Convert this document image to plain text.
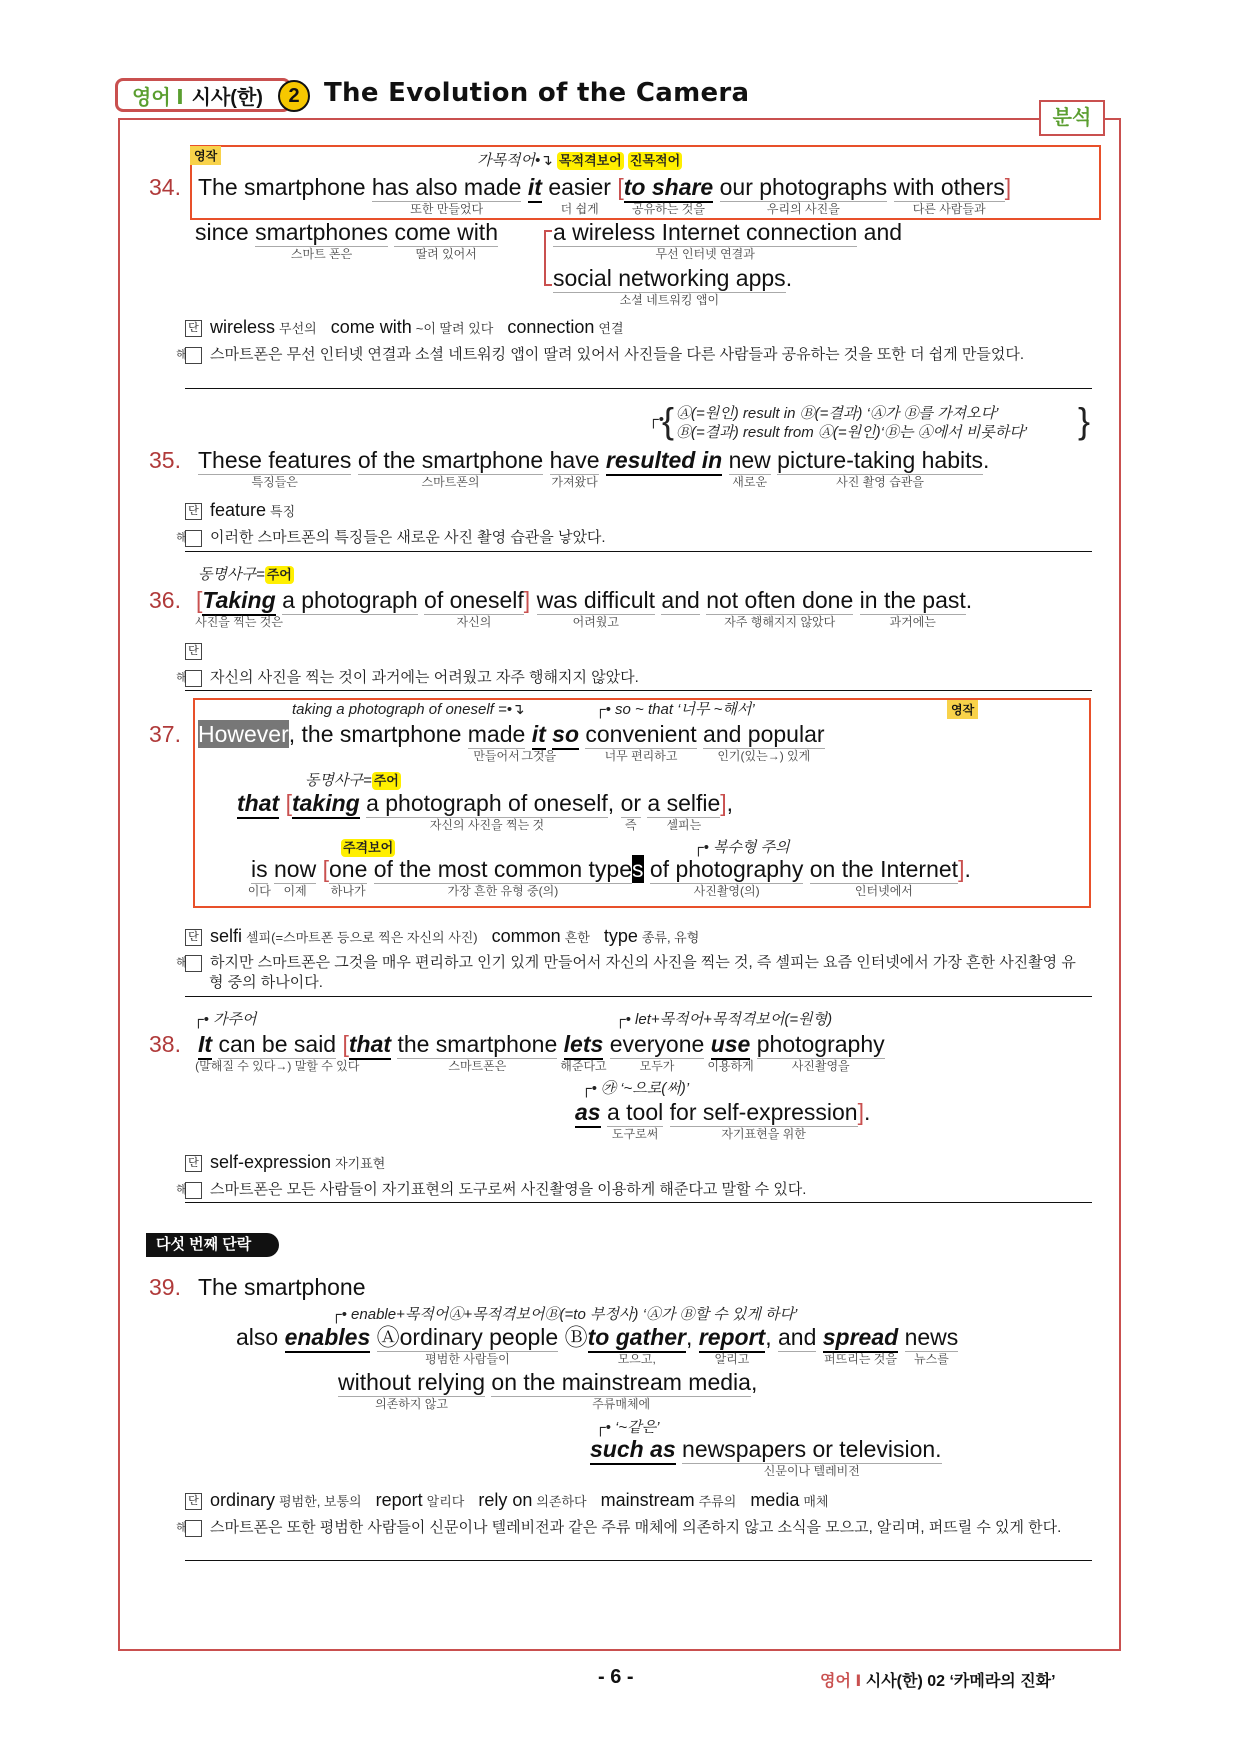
영어 Ⅰ 시사(한)	2 The Evolution of the Camera
분석
영작	가목적어•↴ 목적격보어 진목적어
34. The smartphone has also made
또한 만들었다
it easier
더 쉽게
[to share
공유하는 것을
our photographs
우리의 사진을
with others
다른 사람들과
]
since smartphones
스마트 폰은
come with
딸려 있어서
a wireless Internet connection
무선 인터넷 연결과
and
social networking apps
소셜 네트워킹 앱이
.
단 wireless 무선의 come with ~이 딸려 있다 connection 연결
해 스마트폰은 무선 인터넷 연결과 소셜 네트워킹 앱이 딸려 있어서 사진들을 다른 사람들과 공유하는 것을 또한 더 쉽게 만들었다.
┌•
{ Ⓐ(=원인) result in Ⓑ(=결과) ‘Ⓐ가 Ⓑ를 가져오다’
Ⓑ(=결과) result from Ⓐ(=원인)‘Ⓑ는 Ⓐ에서 비롯하다’ }
35. These features
특징들은
of the smartphone
스마트폰의
have
가져왔다
resulted in new
새로운
picture-taking habits
사진 촬영 습관을
.
단 feature 특징
해 이러한 스마트폰의 특징들은 새로운 사진 촬영 습관을 낳았다.
동명사구= 주어
36. [Taking
사진을 찍는 것은
a photograph of oneself
자신의
] was difficult
어려웠고
and not often done
자주 행해지지 않았다
in the past
과거에는
.
단
해 자신의 사진을 찍는 것이 과거에는 어려웠고 자주 행해지지 않았다.
영작
taking a photograph of oneself =•↴	┌• so ~ that ‘너무 ~해서’
37. However, the smartphone made
만들어서
it
그것을
so convenient
너무 편리하고
and popular
인기(있는→) 있게
동명사구= 주어
that [taking a photograph of oneself
자신의 사진을 찍는 것
, or
즉
a selfie
셀피는
],
주격보어	┌• 복수형 주의
is
이다
now
이제
[one
하나가
of the most common type
가장 흔한 유형 중(의)
s of photography
사진촬영(의)
on the Internet
인터넷에서
].
단 selfi 셀피(=스마트폰 등으로 찍은 자신의 사진) common 흔한 type 종류, 유형
해 하지만 스마트폰은 그것을 매우 편리하고 인기 있게 만들어서 자신의 사진을 찍는 것, 즉 셀피는 요즘 인터넷에서 가장 흔한 사진촬영 유형 중의 하나이다.
┌• 가주어	┌• let+목적어+목적격보어(=원형)
38. It can be said
(말해질 수 있다→) 말할 수 있다
[that the smartphone
스마트폰은
lets
해준다고
everyone
모두가
use
이용하게
photography
사진촬영을
┌• ㉮ ‘~으로(써)’
as a tool
도구로써
for self-expression
자기표현을 위한
].
단 self-expression 자기표현
해 스마트폰은 모든 사람들이 자기표현의 도구로써 사진촬영을 이용하게 해준다고 말할 수 있다.
다섯 번째 단락
39. The smartphone
┌• enable+목적어Ⓐ+목적격보어Ⓑ(=to 부정사) ‘Ⓐ가 Ⓑ할 수 있게 하다’
also enables Ⓐordinary people
평범한 사람들이
Ⓑto gather
모으고,
, report
알리고
, and spread
퍼뜨리는 것을
news
뉴스를
without relying
의존하지 않고
on the mainstream media
주류매체에
,
┌• ‘~같은’
such as newspapers or television.
신문이나 텔레비전
단 ordinary 평범한, 보통의 report 알리다 rely on 의존하다 mainstream 주류의 media 매체
해 스마트폰은 또한 평범한 사람들이 신문이나 텔레비전과 같은 주류 매체에 의존하지 않고 소식을 모으고, 알리며, 퍼뜨릴 수 있게 한다.
- 6 -	영어 Ⅰ 시사(한) 02 ‘카메라의 진화’
